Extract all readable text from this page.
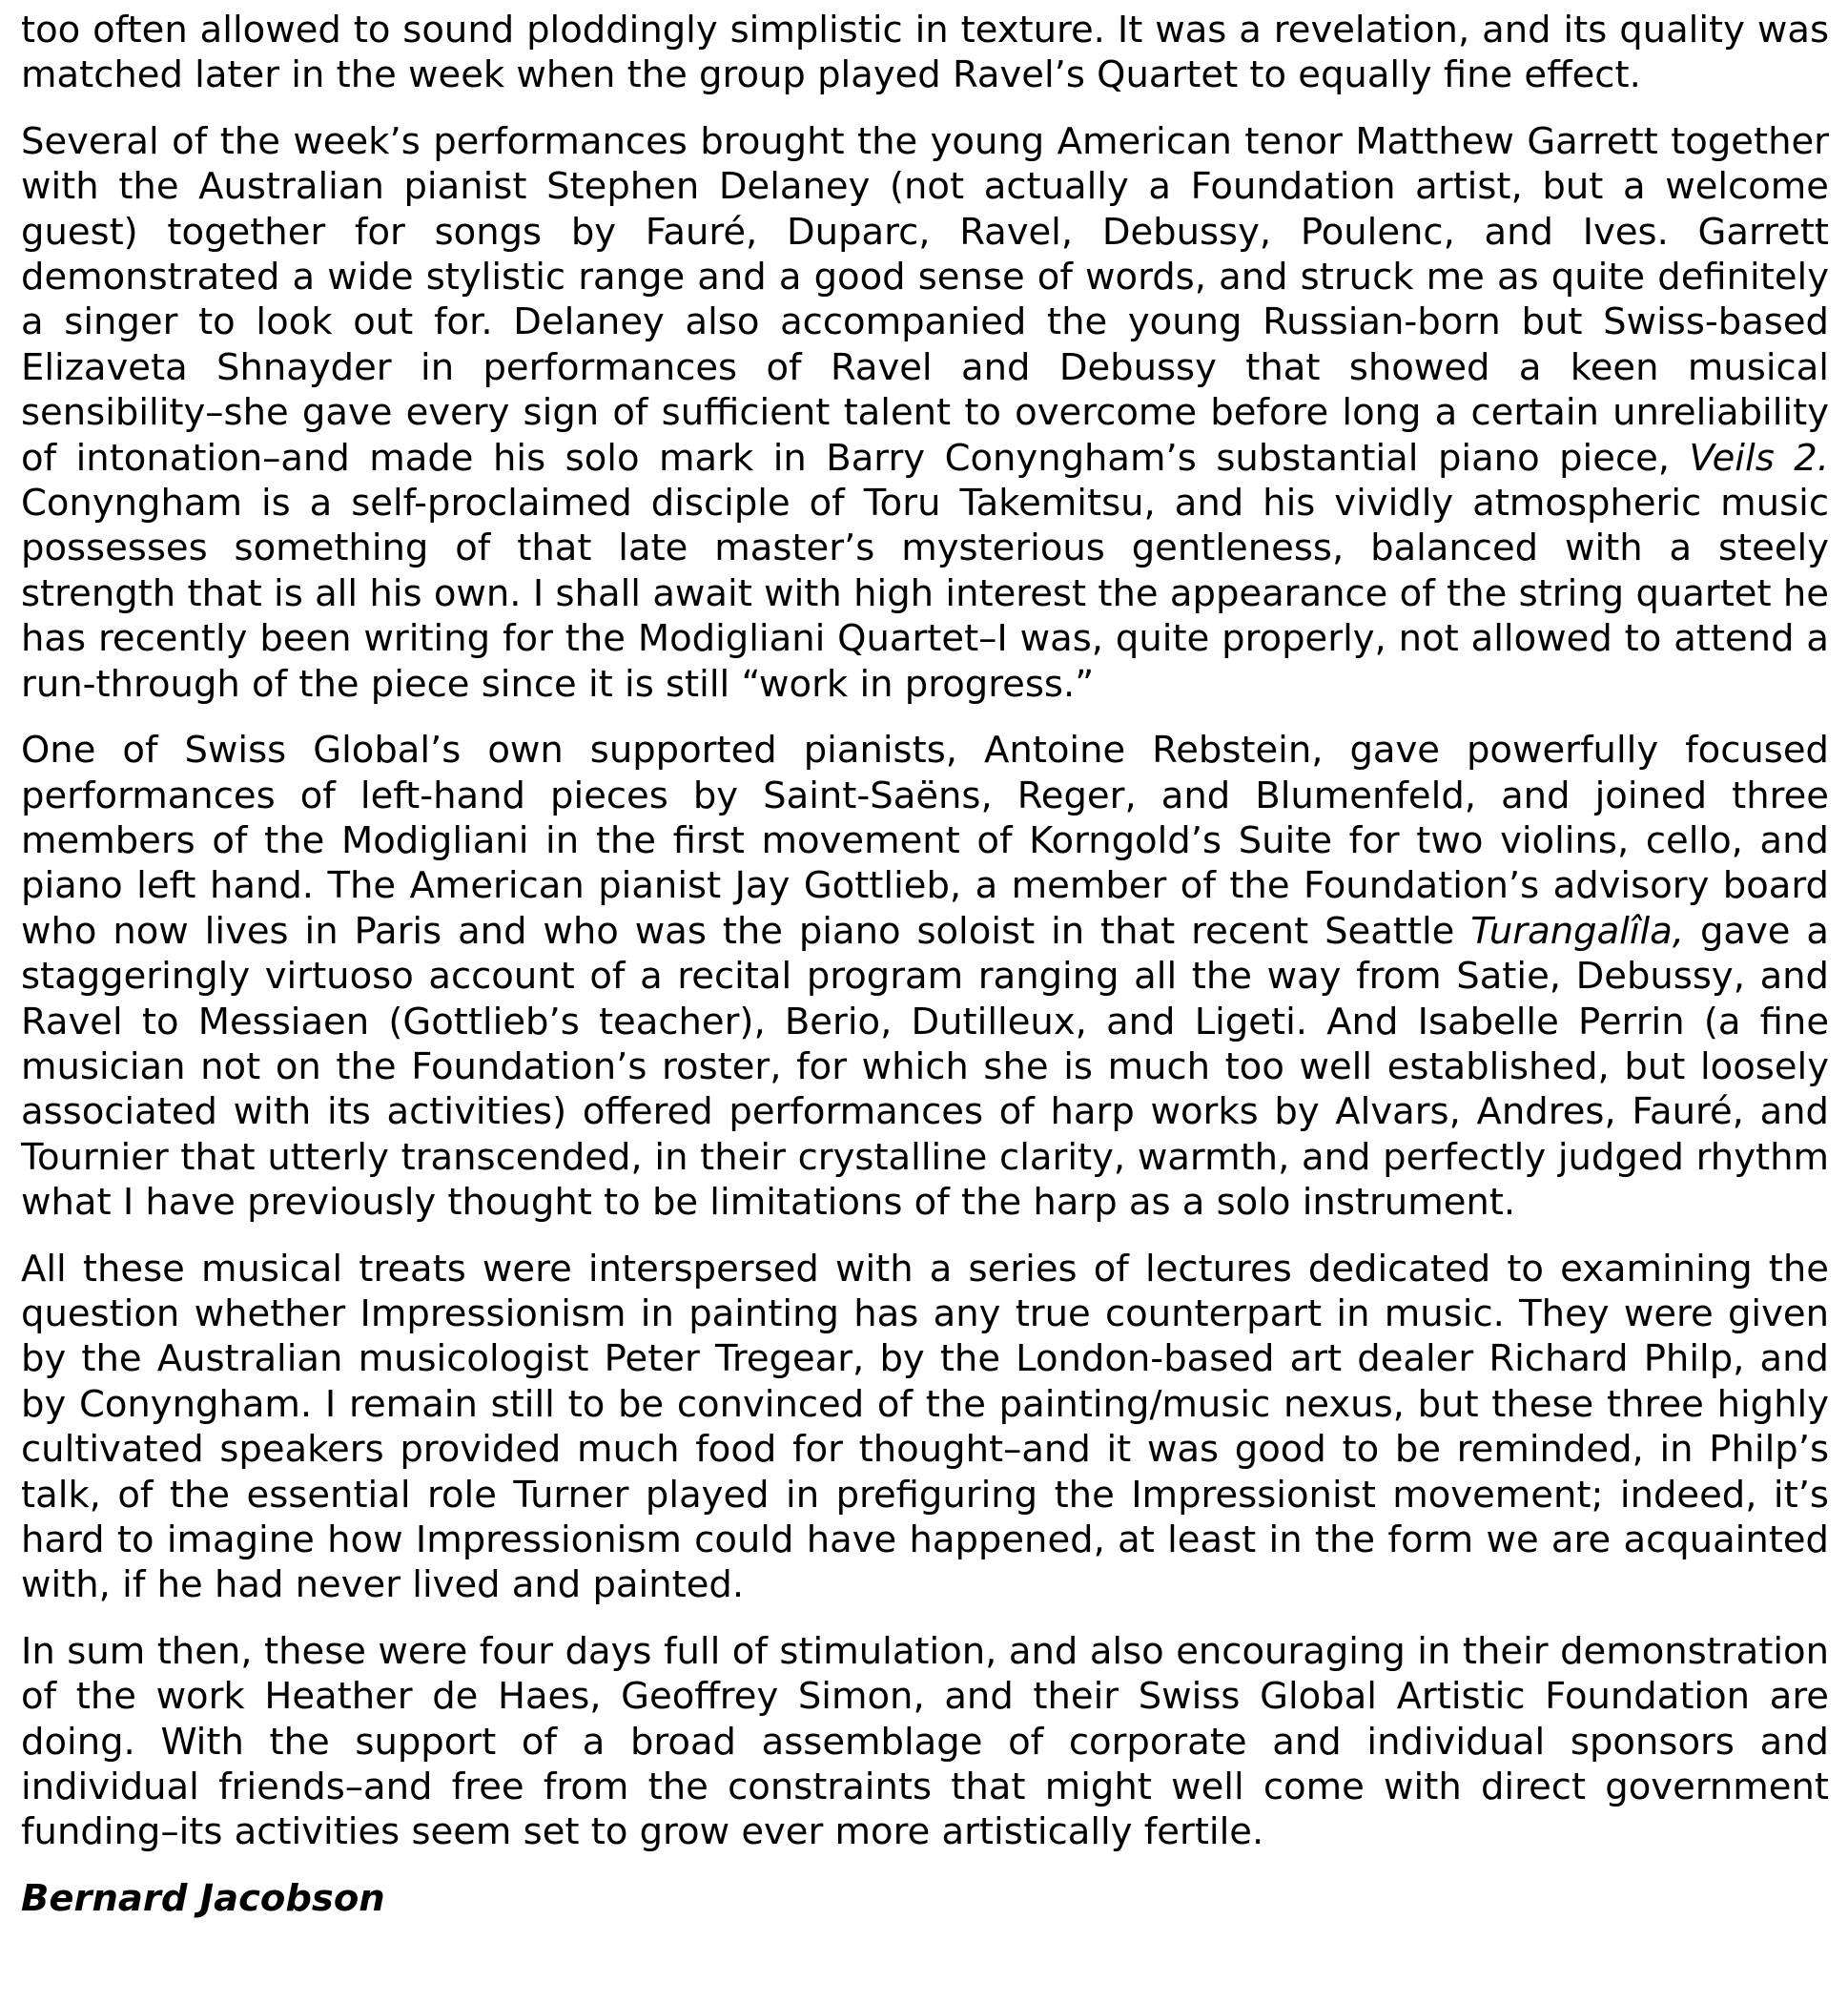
too often allowed to sound ploddingly simplistic in texture. It was a revelation, and its quality was matched later in the week when the group played Ravel’s Quartet to equally fine effect.

Several of the week’s performances brought the young American tenor Matthew Garrett together with the Australian pianist Stephen Delaney (not actually a Foundation artist, but a welcome guest) together for songs by Fauré, Duparc, Ravel, Debussy, Poulenc, and Ives. Garrett demonstrated a wide stylistic range and a good sense of words, and struck me as quite definitely a singer to look out for. Delaney also accompanied the young Russian-born but Swiss-based Elizaveta Shnayder in performances of Ravel and Debussy that showed a keen musical sensibility–she gave every sign of sufficient talent to overcome before long a certain unreliability of intonation–and made his solo mark in Barry Conyngham’s substantial piano piece, Veils 2. Conyngham is a self-proclaimed disciple of Toru Takemitsu, and his vividly atmospheric music possesses something of that late master’s mysterious gentleness, balanced with a steely strength that is all his own. I shall await with high interest the appearance of the string quartet he has recently been writing for the Modigliani Quartet–I was, quite properly, not allowed to attend a run-through of the piece since it is still “work in progress.”

One of Swiss Global’s own supported pianists, Antoine Rebstein, gave powerfully focused performances of left-hand pieces by Saint-Saëns, Reger, and Blumenfeld, and joined three members of the Modigliani in the first movement of Korngold’s Suite for two violins, cello, and piano left hand. The American pianist Jay Gottlieb, a member of the Foundation’s advisory board who now lives in Paris and who was the piano soloist in that recent Seattle Turangalîla, gave a staggeringly virtuoso account of a recital program ranging all the way from Satie, Debussy, and Ravel to Messiaen (Gottlieb’s teacher), Berio, Dutilleux, and Ligeti. And Isabelle Perrin (a fine musician not on the Foundation’s roster, for which she is much too well established, but loosely associated with its activities) offered performances of harp works by Alvars, Andres, Fauré, and Tournier that utterly transcended, in their crystalline clarity, warmth, and perfectly judged rhythm what I have previously thought to be limitations of the harp as a solo instrument.

All these musical treats were interspersed with a series of lectures dedicated to examining the question whether Impressionism in painting has any true counterpart in music. They were given by the Australian musicologist Peter Tregear, by the London-based art dealer Richard Philp, and by Conyngham. I remain still to be convinced of the painting/music nexus, but these three highly cultivated speakers provided much food for thought–and it was good to be reminded, in Philp’s talk, of the essential role Turner played in prefiguring the Impressionist movement; indeed, it’s hard to imagine how Impressionism could have happened, at least in the form we are acquainted with, if he had never lived and painted.

In sum then, these were four days full of stimulation, and also encouraging in their demonstration of the work Heather de Haes, Geoffrey Simon, and their Swiss Global Artistic Foundation are doing. With the support of a broad assemblage of corporate and individual sponsors and individual friends–and free from the constraints that might well come with direct government funding–its activities seem set to grow ever more artistically fertile.

Bernard Jacobson
